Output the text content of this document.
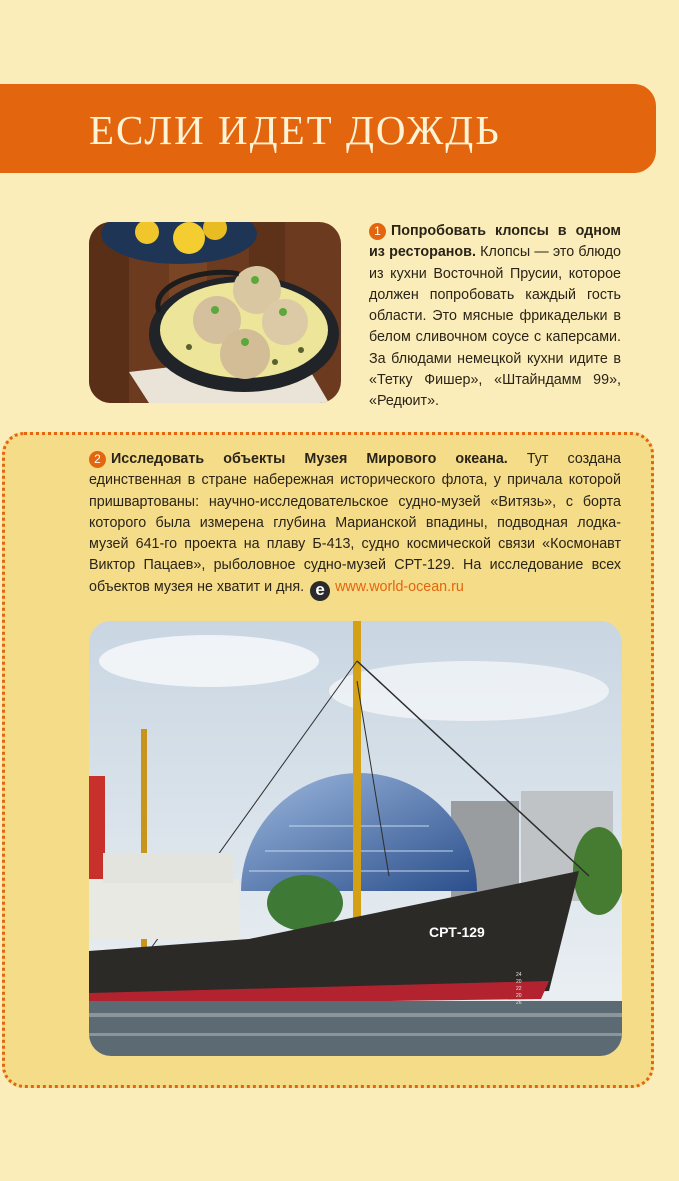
ЕСЛИ ИДЕТ ДОЖДЬ
1 Попробовать клопсы в одном из ресторанов. Клопсы — это блюдо из кухни Восточной Прусии, которое должен попробовать каждый гость области. Это мясные фрикадельки в белом сливочном соусе с каперсами. За блюдами немецкой кухни идите в «Тетку Фишер», «Штайндамм 99», «Редюит».
2 Исследовать объекты Музея Мирового океана. Тут создана единственная в стране набережная исторического флота, у причала которой пришвартованы: научно-исследовательское судно-музей «Витязь», с борта которого была измерена глубина Марианской впадины, подводная лодка-музей 641-го проекта на плаву Б-413, судно космической связи «Космонавт Виктор Пацаев», рыболовное судно-музей СРТ-129. На исследование всех объектов музея не хватит и дня. e www.world-ocean.ru
СРТ-129
24
20
22
20
26
